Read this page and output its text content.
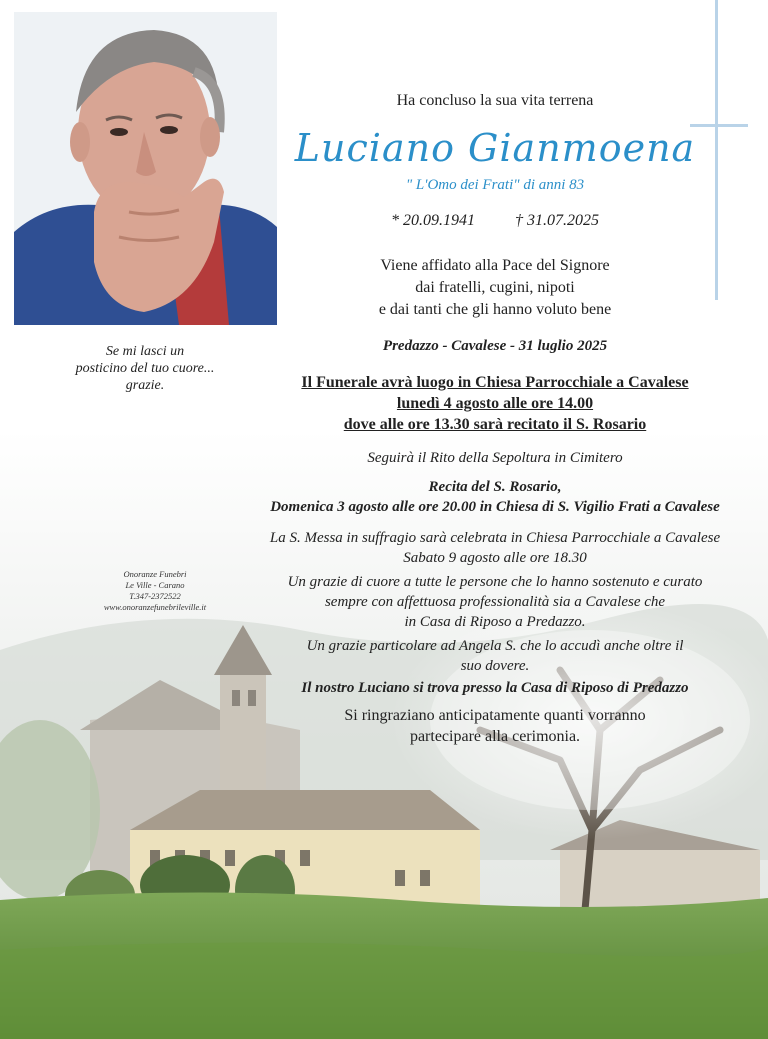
Ha concluso la sua vita terrena
Luciano Gianmoena
" L'Omo dei Frati" di anni 83
* 20.09.1941	† 31.07.2025
Viene affidato alla Pace del Signore
dai fratelli, cugini, nipoti
e dai tanti che gli hanno voluto bene
Predazzo - Cavalese - 31 luglio 2025
Il Funerale avrà luogo in Chiesa Parrocchiale a Cavalese
lunedì 4 agosto alle ore 14.00
dove alle ore 13.30 sarà recitato il S. Rosario
Seguirà il Rito della Sepoltura in Cimitero
Recita del S. Rosario,
Domenica 3 agosto alle ore 20.00 in Chiesa di S. Vigilio Frati a Cavalese
La S. Messa in suffragio sarà celebrata in Chiesa Parrocchiale a Cavalese
Sabato 9 agosto alle ore 18.30
Un grazie di cuore a tutte le persone che lo hanno sostenuto e curato
sempre con affettuosa professionalità sia a Cavalese che
in Casa di Riposo a Predazzo.
Un grazie particolare ad Angela S. che lo accudì anche oltre il
suo dovere.
Il nostro Luciano si trova presso la Casa di Riposo di Predazzo
Si ringraziano anticipatamente quanti vorranno
partecipare alla cerimonia.
Se mi lasci un
posticino del tuo cuore...
grazie.
Onoranze Funebri
Le Ville - Carano
T.347-2372522
www.onoranzefunebrileville.it
